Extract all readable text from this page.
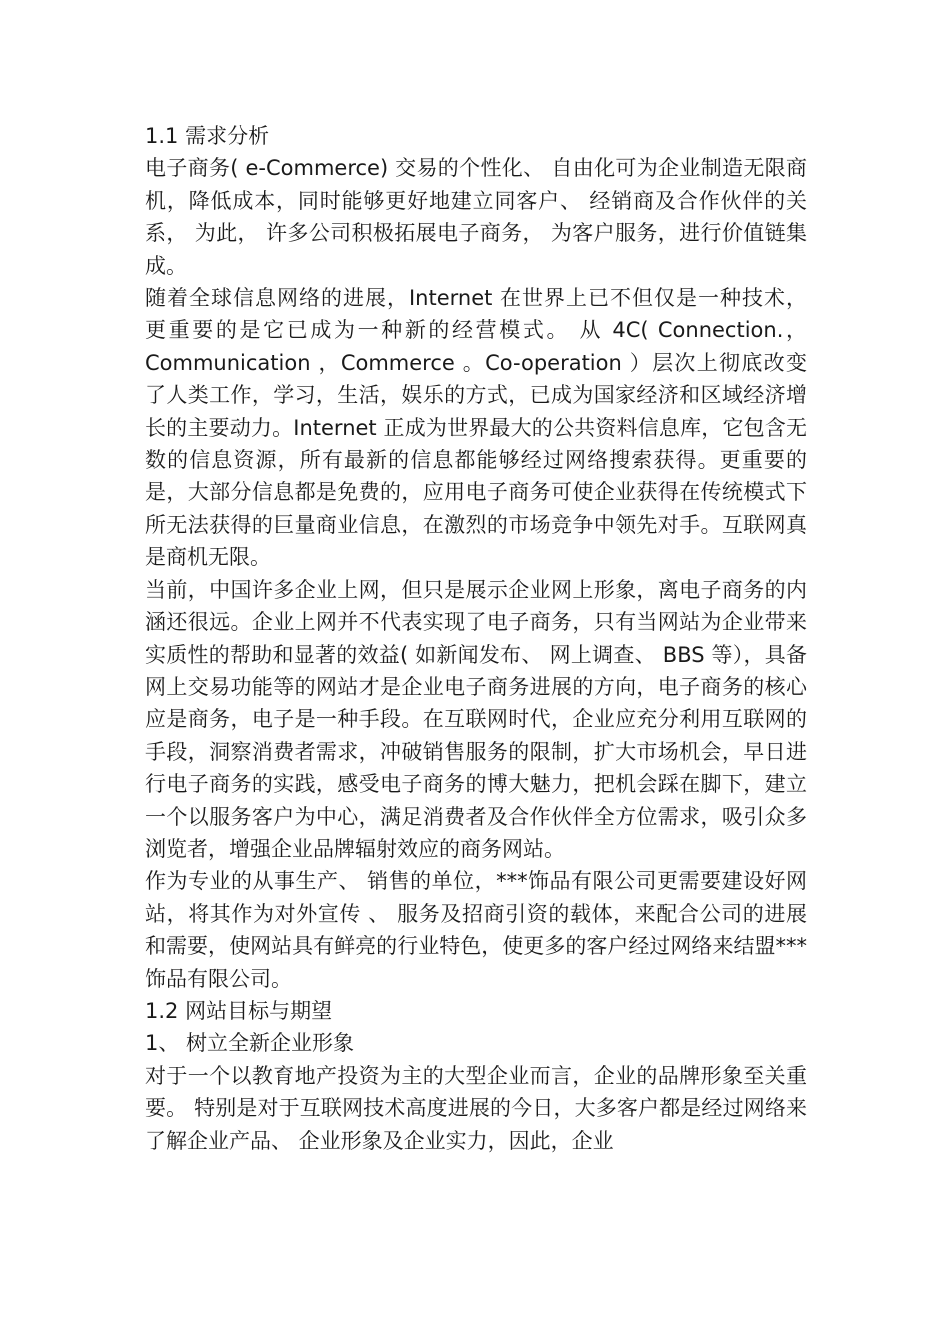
1.1 需求分析

电子商务( e-Commerce) 交易的个性化、 自由化可为企业制造无限商机，降低成本，同时能够更好地建立同客户、 经销商及合作伙伴的关系， 为此， 许多公司积极拓展电子商务， 为客户服务，进行价值链集成。

随着全球信息网络的进展，Internet 在世界上已不但仅是一种技术， 更重要的是它已成为一种新的经营模式。 从 4C( Connection.，Communication ，Commerce 。Co-operation ）层次上彻底改变了人类工作，学习，生活，娱乐的方式，已成为国家经济和区域经济增长的主要动力。Internet 正成为世界最大的公共资料信息库，它包含无数的信息资源，所有最新的信息都能够经过网络搜索获得。更重要的是，大部分信息都是免费的，应用电子商务可使企业获得在传统模式下所无法获得的巨量商业信息，在激烈的市场竞争中领先对手。互联网真是商机无限。

当前，中国许多企业上网，但只是展示企业网上形象，离电子商务的内涵还很远。企业上网并不代表实现了电子商务，只有当网站为企业带来实质性的帮助和显著的效益( 如新闻发布、 网上调查、 BBS 等），具备网上交易功能等的网站才是企业电子商务进展的方向，电子商务的核心应是商务，电子是一种手段。在互联网时代，企业应充分利用互联网的手段，洞察消费者需求，冲破销售服务的限制，扩大市场机会，早日进行电子商务的实践，感受电子商务的博大魅力，把机会踩在脚下，建立一个以服务客户为中心，满足消费者及合作伙伴全方位需求，吸引众多浏览者，增强企业品牌辐射效应的商务网站。

作为专业的从事生产、 销售的单位，***饰品有限公司更需要建设好网站，将其作为对外宣传 、 服务及招商引资的载体，来配合公司的进展和需要，使网站具有鲜亮的行业特色，使更多的客户经过网络来结盟***饰品有限公司。

1.2 网站目标与期望

1、 树立全新企业形象

对于一个以教育地产投资为主的大型企业而言，企业的品牌形象至关重要。 特别是对于互联网技术高度进展的今日，大多客户都是经过网络来了解企业产品、 企业形象及企业实力，因此，企业
